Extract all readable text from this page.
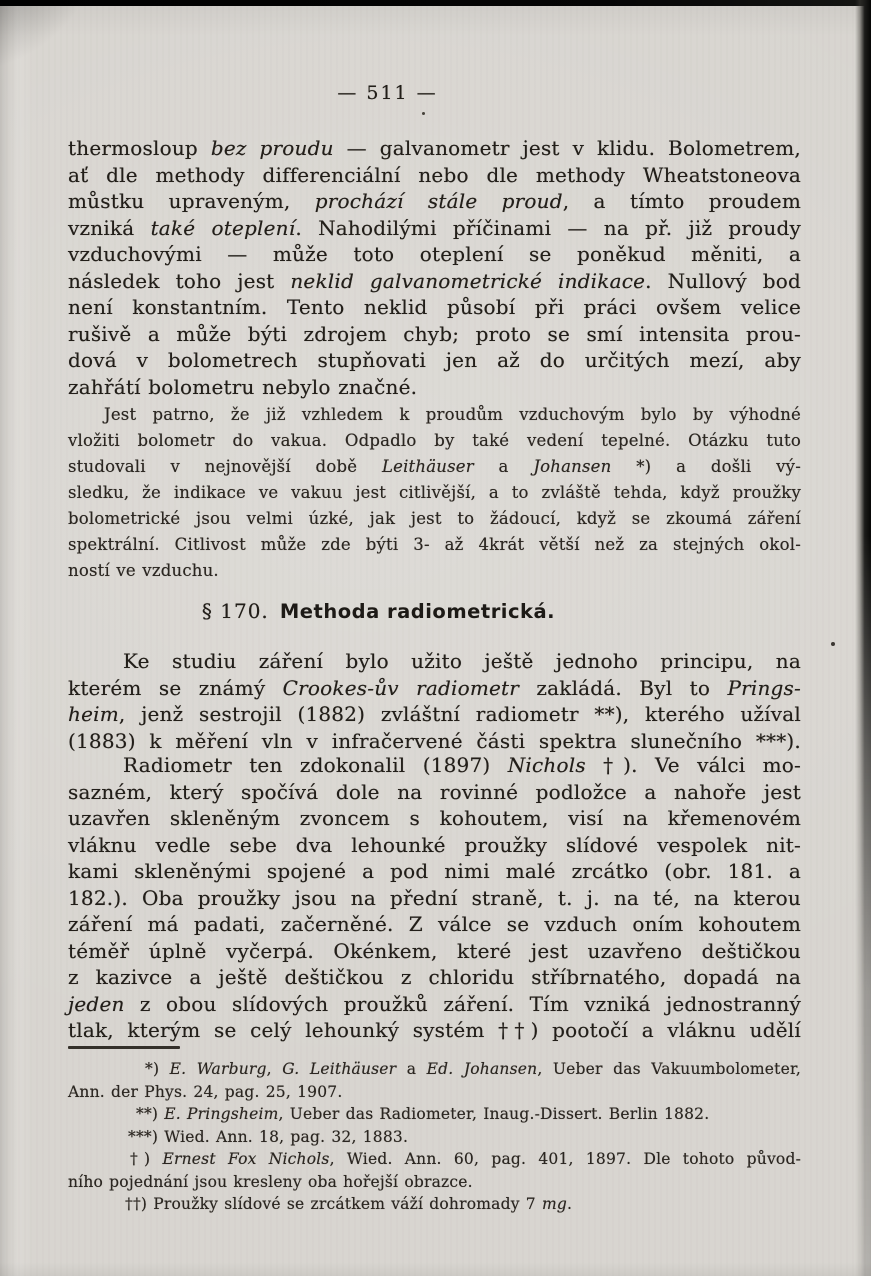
— 511 —
thermosloup bez proudu — galvanometr jest v klidu. Bolometrem,
ať dle methody differenciální nebo dle methody Wheatstoneova
můstku upraveným, prochází stále proud, a tímto proudem
vzniká také oteplení. Nahodilými příčinami — na př. již proudy
vzduchovými — může toto oteplení se poněkud měniti, a
následek toho jest neklid galvanometrické indikace. Nullový bod
není konstantním. Tento neklid působí při práci ovšem velice
rušivě a může býti zdrojem chyb; proto se smí intensita prou-
dová v bolometrech stupňovati jen až do určitých mezí, aby
zahřátí bolometru nebylo značné.
Jest patrno, že již vzhledem k proudům vzduchovým bylo by výhodné
vložiti bolometr do vakua. Odpadlo by také vedení tepelné. Otázku tuto
studovali v nejnovější době Leithäuser a Johansen *) a došli vý-
sledku, že indikace ve vakuu jest citlivější, a to zvláště tehda, když proužky
bolometrické jsou velmi úzké, jak jest to žádoucí, když se zkoumá záření
spektrální. Citlivost může zde býti 3- až 4krát větší než za stejných okol-
ností ve vzduchu.
§ 170. Methoda radiometrická.
Ke studiu záření bylo užito ještě jednoho principu, na
kterém se známý Crookes-ův radiometr zakládá. Byl to Prings-
heim, jenž sestrojil (1882) zvláštní radiometr **), kterého užíval
(1883) k měření vln v infračervené části spektra slunečního ***).
Radiometr ten zdokonalil (1897) Nichols †). Ve válci mo-
sazném, který spočívá dole na rovinné podložce a nahoře jest
uzavřen skleněným zvoncem s kohoutem, visí na křemenovém
vláknu vedle sebe dva lehounké proužky slídové vespolek nit-
kami skleněnými spojené a pod nimi malé zrcátko (obr. 181. a
182.). Oba proužky jsou na přední straně, t. j. na té, na kterou
záření má padati, začerněné. Z válce se vzduch oním kohoutem
téměř úplně vyčerpá. Okénkem, které jest uzavřeno deštičkou
z kazivce a ještě deštičkou z chloridu stříbrnatého, dopadá na
jeden z obou slídových proužků záření. Tím vzniká jednostranný
tlak, kterým se celý lehounký systém ††) pootočí a vláknu udělí
*) E. Warburg, G. Leithäuser a Ed. Johansen, Ueber das Vakuumbolometer,
Ann. der Phys. 24, pag. 25, 1907.
**) E. Pringsheim, Ueber das Radiometer, Inaug.-Dissert. Berlin 1882.
***) Wied. Ann. 18, pag. 32, 1883.
†) Ernest Fox Nichols, Wied. Ann. 60, pag. 401, 1897. Dle tohoto původ-
ního pojednání jsou kresleny oba hořejší obrazce.
††) Proužky slídové se zrcátkem váží dohromady 7 mg.
